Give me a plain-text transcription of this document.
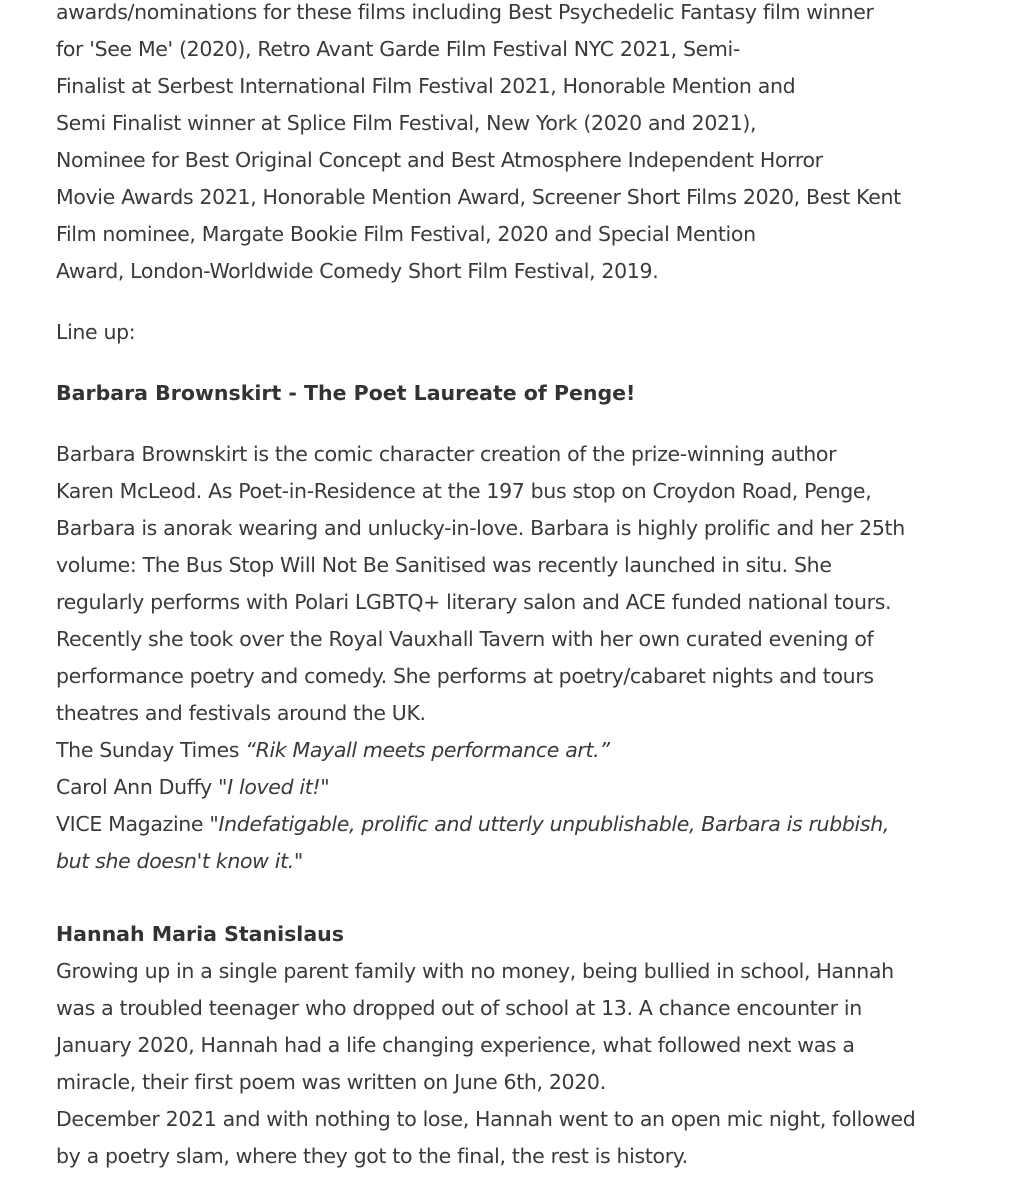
awards/nominations for these films including Best Psychedelic Fantasy film winner
for 'See Me' (2020), Retro Avant Garde Film Festival NYC 2021, Semi-
Finalist at Serbest International Film Festival 2021, Honorable Mention and
Semi Finalist winner at Splice Film Festival, New York (2020 and 2021),
Nominee for Best Original Concept and Best Atmosphere Independent Horror
Movie Awards 2021, Honorable Mention Award, Screener Short Films 2020, Best Kent
Film nominee, Margate Bookie Film Festival, 2020 and Special Mention
Award, London-Worldwide Comedy Short Film Festival, 2019.
Line up:
Barbara Brownskirt - The Poet Laureate of Penge!
Barbara Brownskirt is the comic character creation of the prize-winning author
Karen McLeod. As Poet-in-Residence at the 197 bus stop on Croydon Road, Penge,
Barbara is anorak wearing and unlucky-in-love. Barbara is highly prolific and her 25th
volume: The Bus Stop Will Not Be Sanitised was recently launched in situ. She
regularly performs with Polari LGBTQ+ literary salon and ACE funded national tours.
Recently she took over the Royal Vauxhall Tavern with her own curated evening of
performance poetry and comedy. She performs at poetry/cabaret nights and tours
theatres and festivals around the UK.
The Sunday Times “Rik Mayall meets performance art.”
Carol Ann Duffy "I loved it!"
VICE Magazine "Indefatigable, prolific and utterly unpublishable, Barbara is rubbish,
but she doesn't know it."
Hannah Maria Stanislaus
Growing up in a single parent family with no money, being bullied in school, Hannah
was a troubled teenager who dropped out of school at 13. A chance encounter in
January 2020, Hannah had a life changing experience, what followed next was a
miracle, their first poem was written on June 6th, 2020.
December 2021 and with nothing to lose, Hannah went to an open mic night, followed
by a poetry slam, where they got to the final, the rest is history.
